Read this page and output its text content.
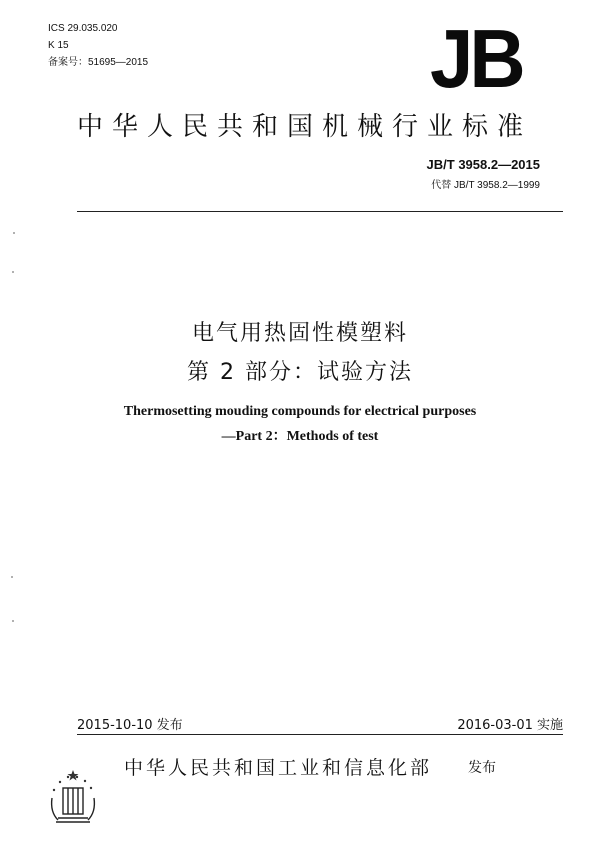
ICS 29.035.020
K 15
备案号：51695—2015	JB
中华人民共和国机械行业标准
JB/T 3958.2—2015
代替 JB/T 3958.2—1999
电气用热固性模塑料
第 2 部分：试验方法
Thermosetting mouding compounds for electrical purposes
—Part 2：Methods of test
2015-10-10 发布	2016-03-01 实施
中华人民共和国工业和信息化部	发布
